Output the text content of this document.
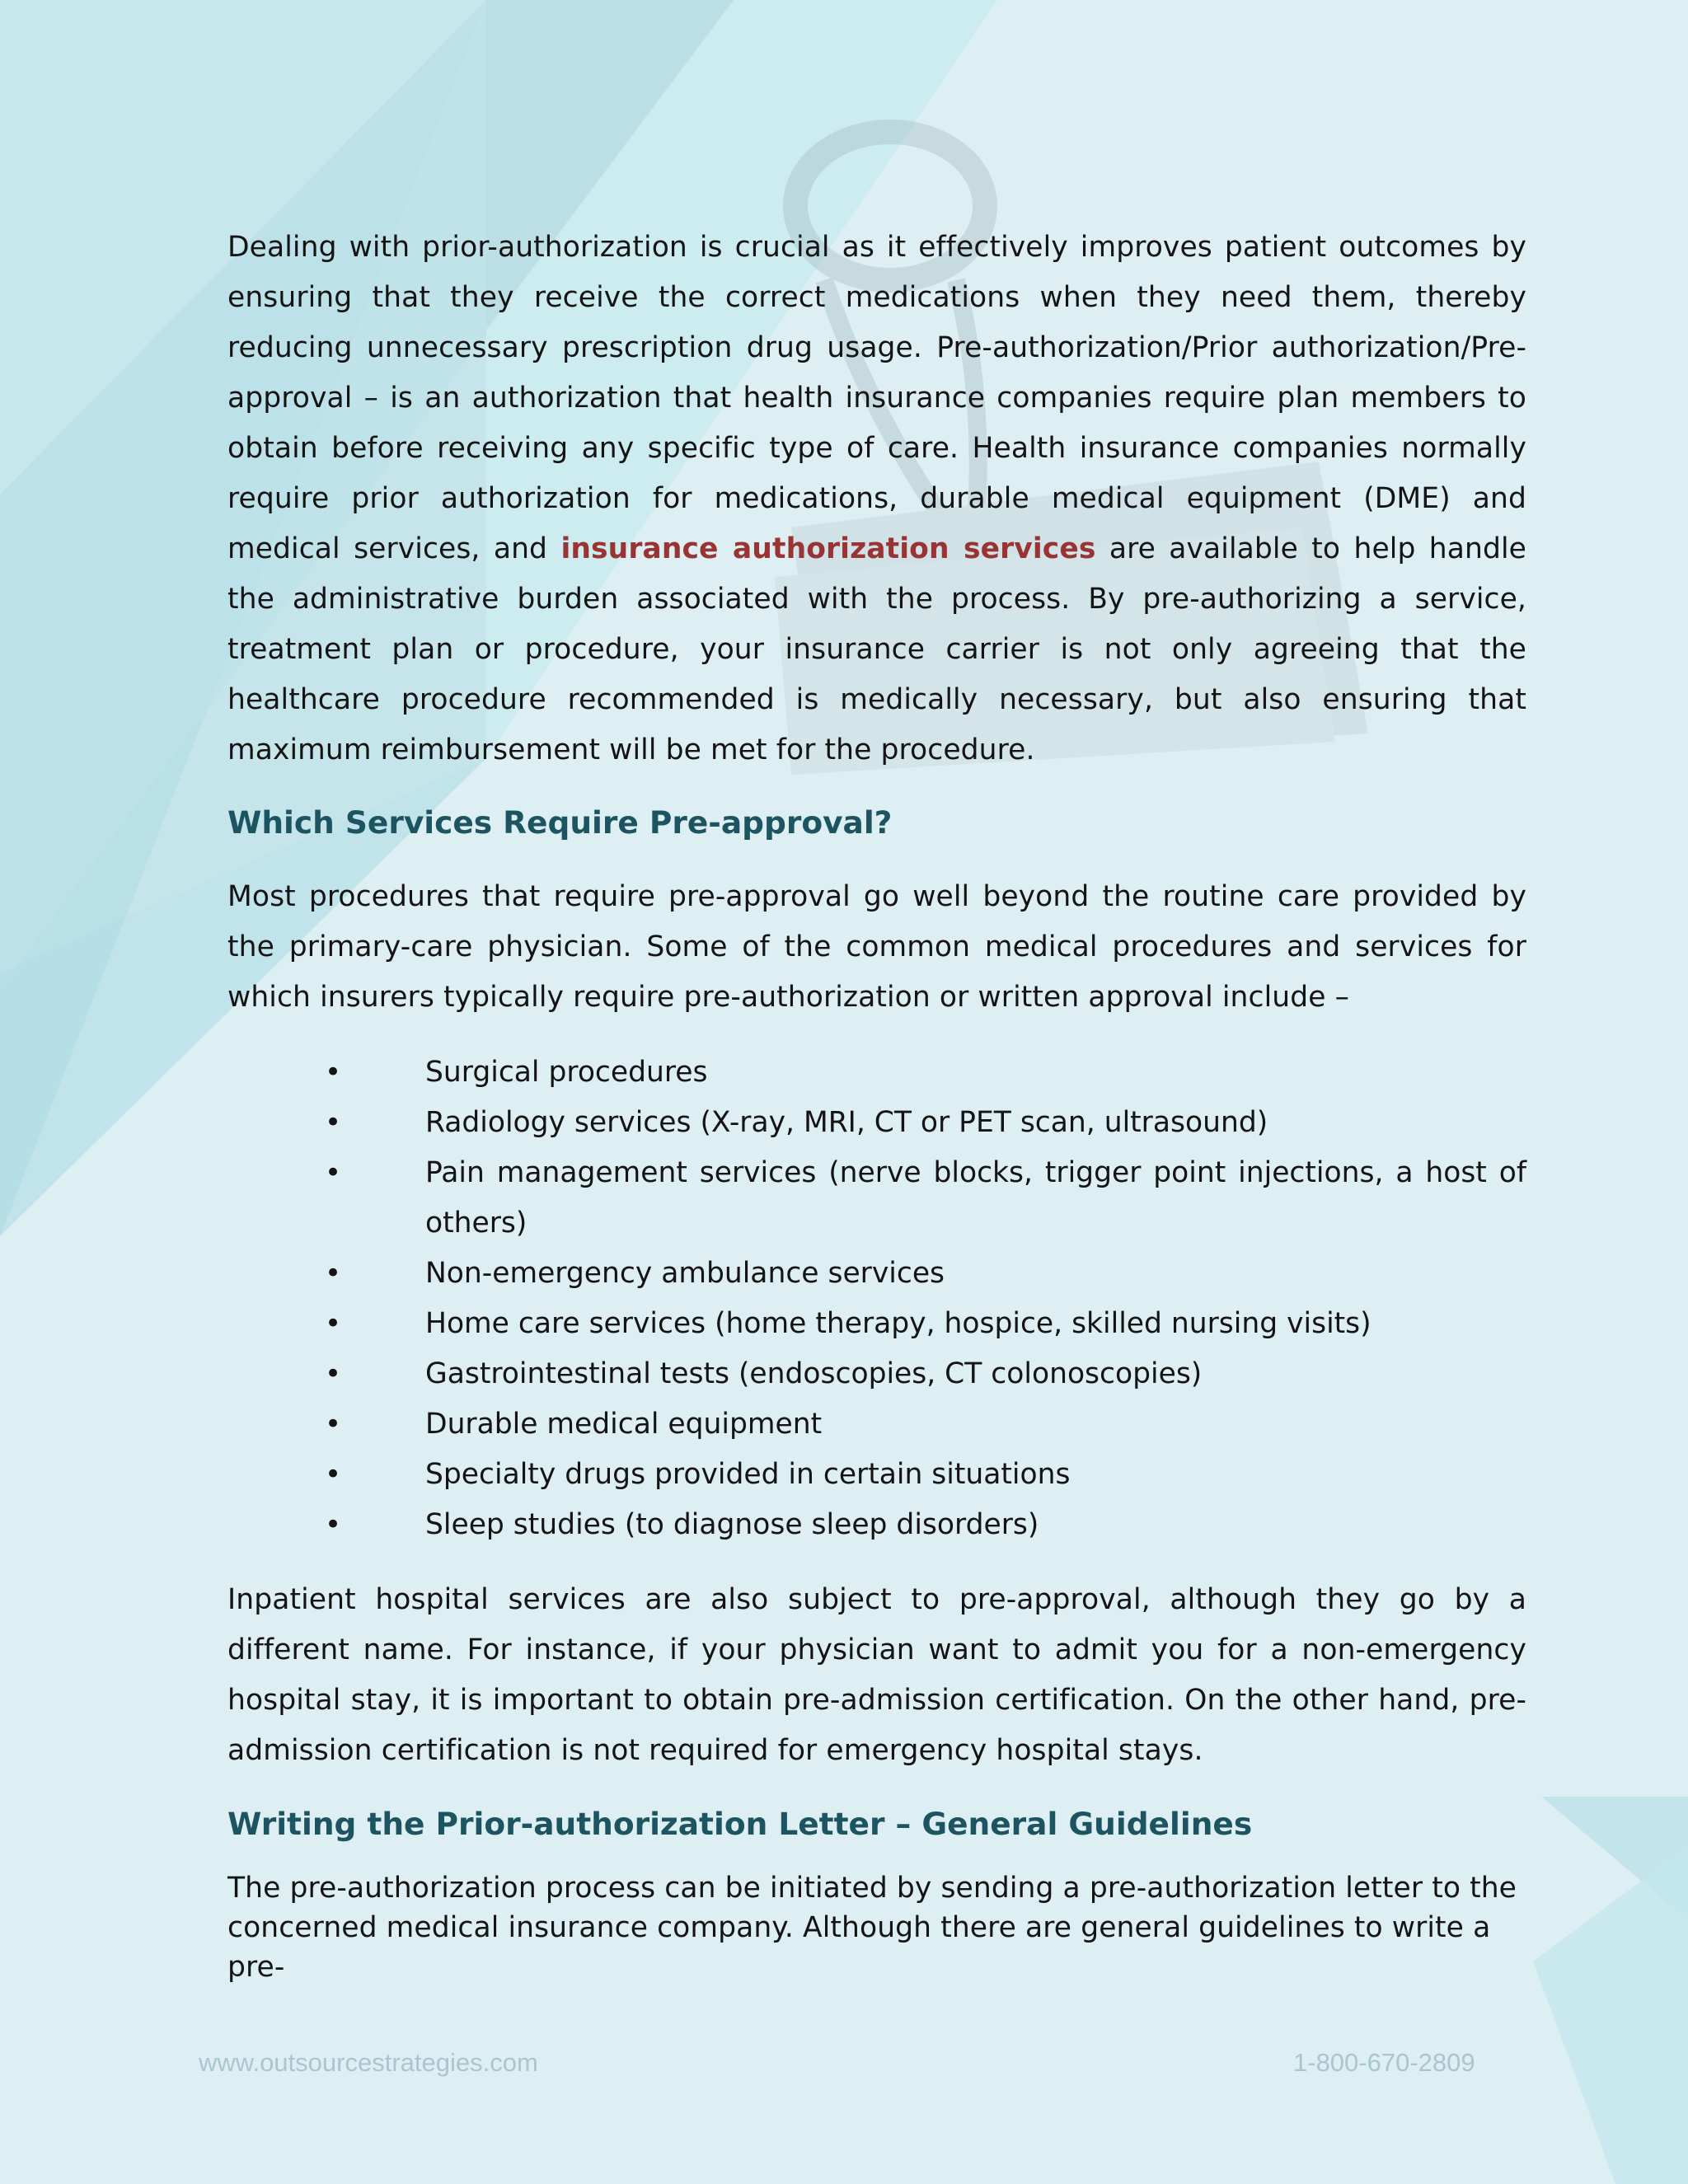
Dealing with prior-authorization is crucial as it effectively improves patient outcomes by ensuring that they receive the correct medications when they need them, thereby reducing unnecessary prescription drug usage. Pre-authorization/Prior authorization/Pre-approval – is an authorization that health insurance companies require plan members to obtain before receiving any specific type of care. Health insurance companies normally require prior authorization for medications, durable medical equipment (DME) and medical services, and insurance authorization services are available to help handle the administrative burden associated with the process. By pre-authorizing a service, treatment plan or procedure, your insurance carrier is not only agreeing that the healthcare procedure recommended is medically necessary, but also ensuring that maximum reimbursement will be met for the procedure.

Which Services Require Pre-approval?

Most procedures that require pre-approval go well beyond the routine care provided by the primary-care physician. Some of the common medical procedures and services for which insurers typically require pre-authorization or written approval include –

•	Surgical procedures
•	Radiology services (X-ray, MRI, CT or PET scan, ultrasound)
•	Pain management services (nerve blocks, trigger point injections, a host of others)
•	Non-emergency ambulance services
•	Home care services (home therapy, hospice, skilled nursing visits)
•	Gastrointestinal tests (endoscopies, CT colonoscopies)
•	Durable medical equipment
•	Specialty drugs provided in certain situations
•	Sleep studies (to diagnose sleep disorders)

Inpatient hospital services are also subject to pre-approval, although they go by a different name. For instance, if your physician want to admit you for a non-emergency hospital stay, it is important to obtain pre-admission certification. On the other hand, pre-admission certification is not required for emergency hospital stays.

Writing the Prior-authorization Letter – General Guidelines

The pre-authorization process can be initiated by sending a pre-authorization letter to the concerned medical insurance company. Although there are general guidelines to write a pre-

www.outsourcestrategies.com	1-800-670-2809
